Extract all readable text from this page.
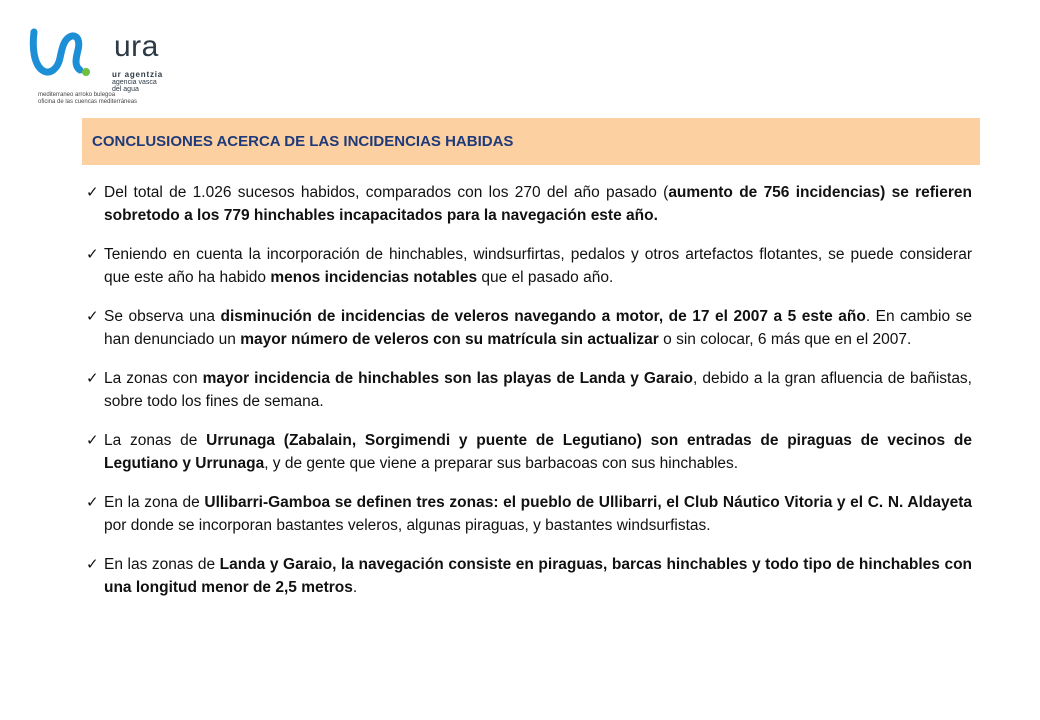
ura
ur agentzia
agencia vasca del agua
mediterraneo arroko bulegoa
oficina de las cuencas mediterráneas
CONCLUSIONES ACERCA DE LAS INCIDENCIAS HABIDAS
✓ Del total de 1.026 sucesos habidos, comparados con los 270 del año pasado (aumento de 756 incidencias) se refieren sobretodo a los 779 hinchables incapacitados para la navegación este año.
✓ Teniendo en cuenta la incorporación de hinchables, windsurfirtas, pedalos y otros artefactos flotantes, se puede considerar que este año ha habido menos incidencias notables que el pasado año.
✓ Se observa una disminución de incidencias de veleros navegando a motor, de 17 el 2007 a 5 este año. En cambio se han denunciado un mayor número de veleros con su matrícula sin actualizar o sin colocar, 6 más que en el 2007.
✓ La zonas con mayor incidencia de hinchables son las playas de Landa y Garaio, debido a la gran afluencia de bañistas, sobre todo los fines de semana.
✓ La zonas de Urrunaga (Zabalain, Sorgimendi y puente de Legutiano) son entradas de piraguas de vecinos de Legutiano y Urrunaga, y de gente que viene a preparar sus barbacoas con sus hinchables.
✓ En la zona de Ullibarri-Gamboa se definen tres zonas: el pueblo de Ullibarri, el Club Náutico Vitoria y el C. N. Aldayeta por donde se incorporan bastantes veleros, algunas piraguas, y bastantes windsurfistas.
✓ En las zonas de Landa y Garaio, la navegación consiste en piraguas, barcas hinchables y todo tipo de hinchables con una longitud menor de 2,5 metros.
